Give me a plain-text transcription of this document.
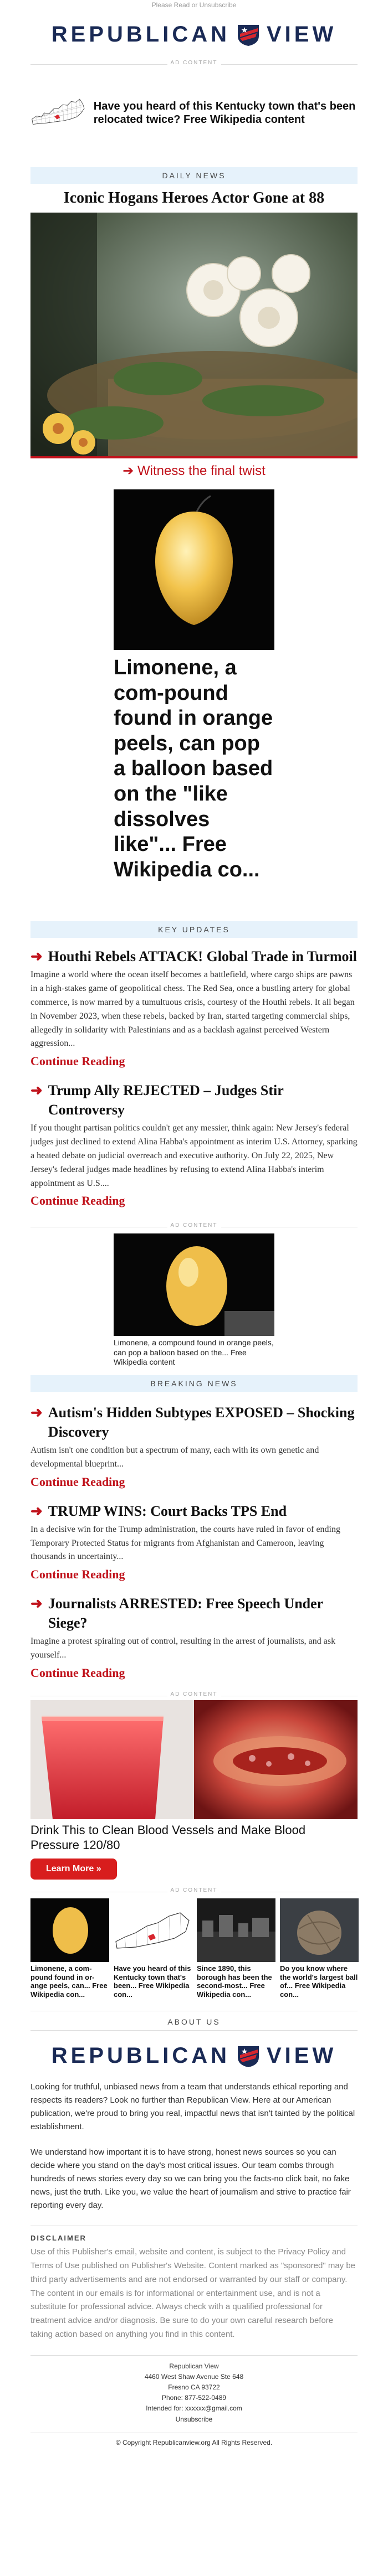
Please Read or Unsubscribe
REPUBLICAN VIEW
AD CONTENT
Have you heard of this Kentucky town that's been relocated twice? Free Wikipedia content
DAILY NEWS
Iconic Hogans Heroes Actor Gone at 88
➔ Witness the final twist
Limonene, a com-pound found in orange peels, can pop a balloon based on the "like dissolves like"... Free Wikipedia co...
KEY UPDATES
➜ Houthi Rebels ATTACK! Global Trade in Turmoil

Imagine a world where the ocean itself becomes a battlefield, where cargo ships are pawns in a high-stakes game of geopolitical chess. The Red Sea, once a bustling artery for global commerce, is now marred by a tumultuous crisis, courtesy of the Houthi rebels. It all began in November 2023, when these rebels, backed by Iran, started targeting commercial ships, allegedly in solidarity with Palestinians and as a backlash against perceived Western aggression...

Continue Reading
➜ Trump Ally REJECTED – Judges Stir Controversy

If you thought partisan politics couldn't get any messier, think again: New Jersey's federal judges just declined to extend Alina Habba's appointment as interim U.S. Attorney, sparking a heated debate on judicial overreach and executive authority. On July 22, 2025, New Jersey's federal judges made headlines by refusing to extend Alina Habba's interim appointment as U.S....

Continue Reading
AD CONTENT
Limonene, a compound found in orange peels, can pop a balloon based on the... Free Wikipedia content
BREAKING NEWS
➜ Autism's Hidden Subtypes EXPOSED – Shocking Discovery

Autism isn't one condition but a spectrum of many, each with its own genetic and developmental blueprint...

Continue Reading
➜ TRUMP WINS: Court Backs TPS End

In a decisive win for the Trump administration, the courts have ruled in favor of ending Temporary Protected Status for migrants from Afghanistan and Cameroon, leaving thousands in uncertainty...

Continue Reading
➜ Journalists ARRESTED: Free Speech Under Siege?

Imagine a protest spiraling out of control, resulting in the arrest of journalists, and ask yourself...

Continue Reading
AD CONTENT
Drink This to Clean Blood Vessels and Make Blood Pressure 120/80
Learn More »
AD CONTENT
Limonene, a com-pound found in or-ange peels, can... Free Wikipedia con...
Have you heard of this Kentucky town that's been... Free Wikipedia con...
Since 1890, this borough has been the second-most... Free Wikipedia con...
Do you know where the world's largest ball of... Free Wikipedia con...
ABOUT US
REPUBLICAN VIEW

Looking for truthful, unbiased news from a team that understands ethical reporting and respects its readers? Look no further than Republican View. Here at our American publication, we're proud to bring you real, impactful news that isn't tainted by the political establishment.

We understand how important it is to have strong, honest news sources so you can decide where you stand on the day's most critical issues. Our team combs through hundreds of news stories every day so we can bring you the facts-no click bait, no fake news, just the truth. Like you, we value the heart of journalism and strive to practice fair reporting every day.

DISCLAIMER
Use of this Publisher's email, website and content, is subject to the Privacy Policy and Terms of Use published on Publisher's Website. Content marked as "sponsored" may be third party advertisements and are not endorsed or warranted by our staff or company. The content in our emails is for informational or entertainment use, and is not a substitute for professional advice. Always check with a qualified professional for treatment advice and/or diagnosis. Be sure to do your own careful research before taking action based on anything you find in this content.
Republican View
4460 West Shaw Avenue Ste 648
Fresno CA 93722
Phone: 877-522-0489
Intended for: xxxxxx@gmail.com
Unsubscribe
© Copyright Republicanview.org All Rights Reserved.
